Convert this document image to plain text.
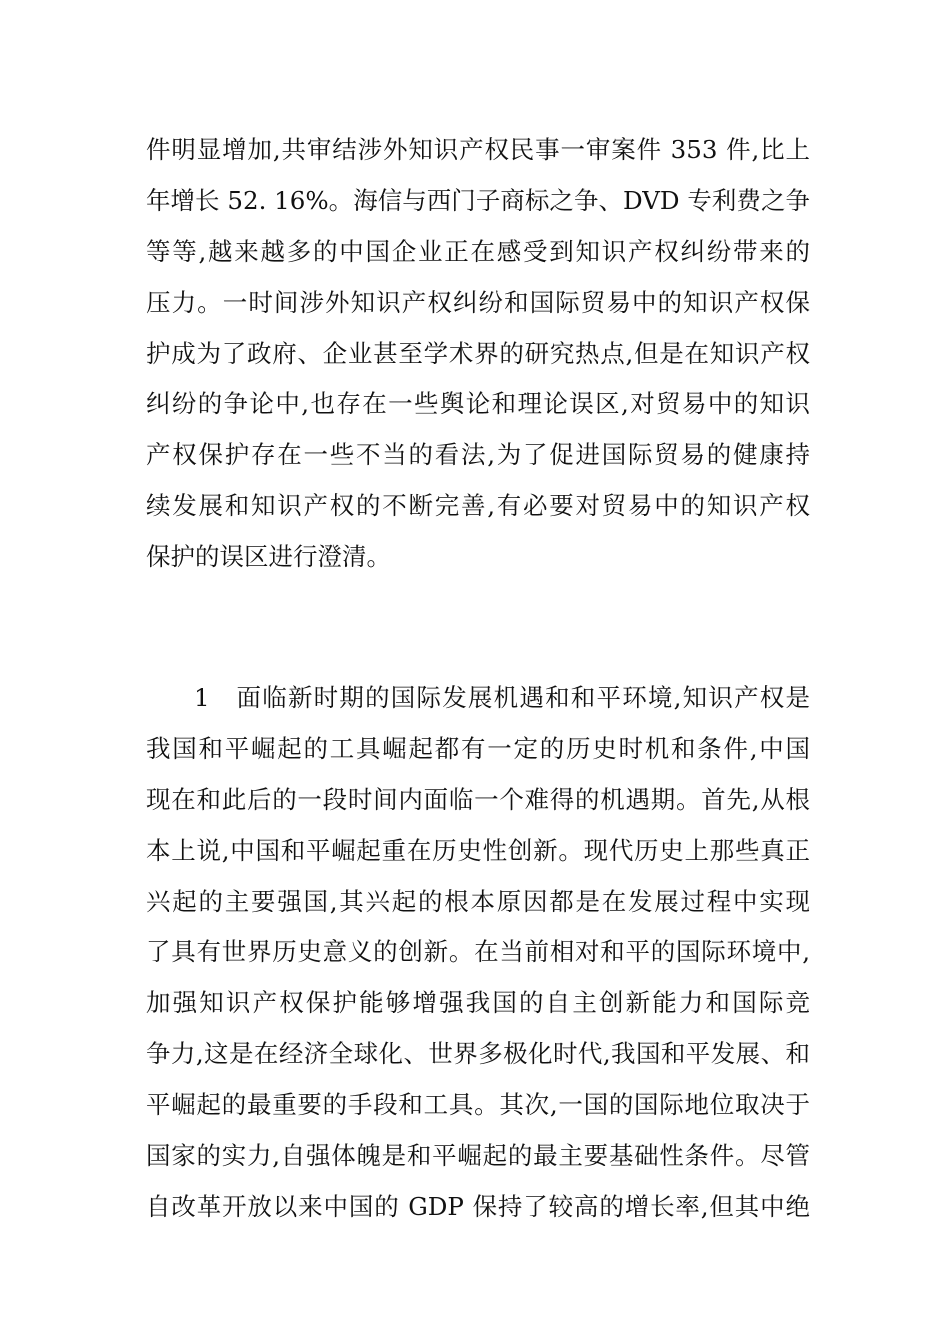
件明显增加,共审结涉外知识产权民事一审案件 353 件,比上
年增长 52. 16%。海信与西门子商标之争、DVD 专利费之争
等等,越来越多的中国企业正在感受到知识产权纠纷带来的
压力。一时间涉外知识产权纠纷和国际贸易中的知识产权保
护成为了政府、企业甚至学术界的研究热点,但是在知识产权
纠纷的争论中,也存在一些舆论和理论误区,对贸易中的知识
产权保护存在一些不当的看法,为了促进国际贸易的健康持
续发展和知识产权的不断完善,有必要对贸易中的知识产权
保护的误区进行澄清。
1　面临新时期的国际发展机遇和和平环境,知识产权是
我国和平崛起的工具崛起都有一定的历史时机和条件,中国
现在和此后的一段时间内面临一个难得的机遇期。首先,从根
本上说,中国和平崛起重在历史性创新。现代历史上那些真正
兴起的主要强国,其兴起的根本原因都是在发展过程中实现
了具有世界历史意义的创新。在当前相对和平的国际环境中,
加强知识产权保护能够增强我国的自主创新能力和国际竞
争力,这是在经济全球化、世界多极化时代,我国和平发展、和
平崛起的最重要的手段和工具。其次,一国的国际地位取决于
国家的实力,自强体魄是和平崛起的最主要基础性条件。尽管
自改革开放以来中国的 GDP 保持了较高的增长率,但其中绝
